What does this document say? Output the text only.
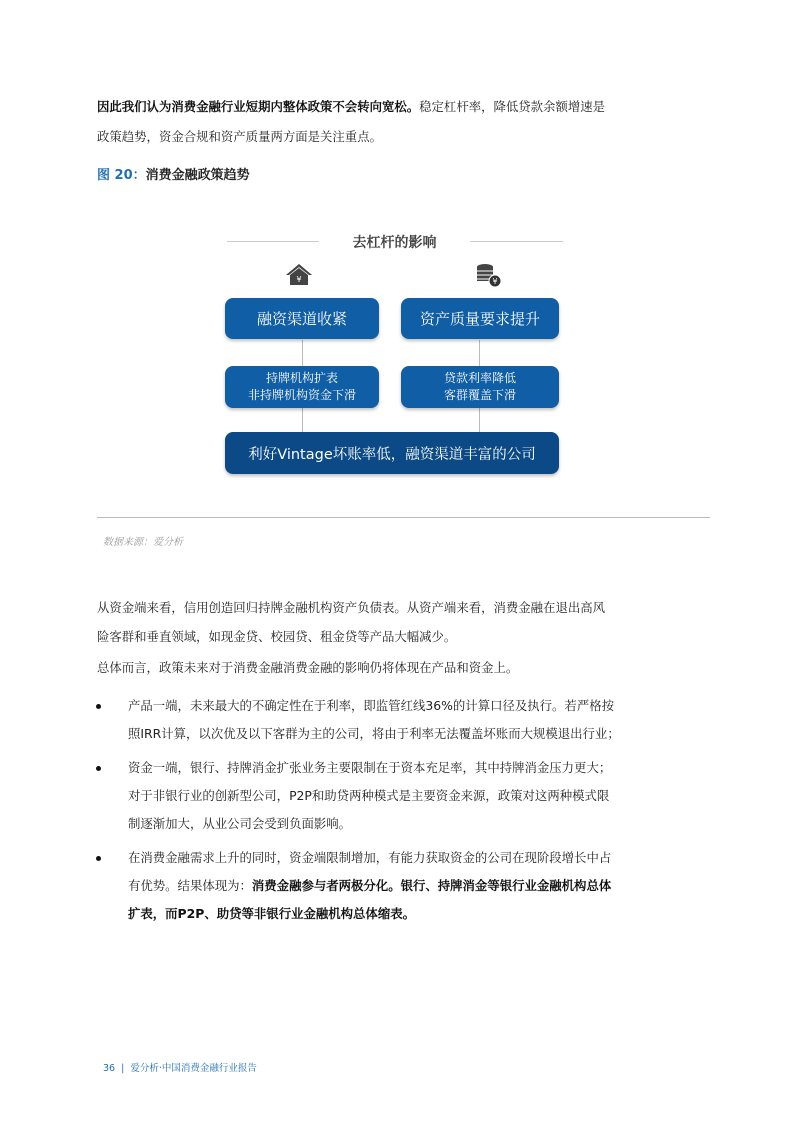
因此我们认为消费金融行业短期内整体政策不会转向宽松。稳定杠杆率，降低贷款余额增速是
政策趋势，资金合规和资产质量两方面是关注重点。
图 20：消费金融政策趋势
去杠杆的影响
¥	¥
融资渠道收紧	资产质量要求提升
持牌机构扩表
非持牌机构资金下滑
贷款利率降低
客群覆盖下滑
利好Vintage坏账率低，融资渠道丰富的公司
数据来源：爱分析
从资金端来看，信用创造回归持牌金融机构资产负债表。从资产端来看，消费金融在退出高风
险客群和垂直领域，如现金贷、校园贷、租金贷等产品大幅减少。
总体而言，政策未来对于消费金融消费金融的影响仍将体现在产品和资金上。
产品一端，未来最大的不确定性在于利率，即监管红线36%的计算口径及执行。若严格按
照IRR计算，以次优及以下客群为主的公司，将由于利率无法覆盖坏账而大规模退出行业；
资金一端，银行、持牌消金扩张业务主要限制在于资本充足率，其中持牌消金压力更大；
对于非银行业的创新型公司，P2P和助贷两种模式是主要资金来源，政策对这两种模式限
制逐渐加大，从业公司会受到负面影响。
在消费金融需求上升的同时，资金端限制增加，有能力获取资金的公司在现阶段增长中占
有优势。结果体现为：消费金融参与者两极分化。银行、持牌消金等银行业金融机构总体
扩表，而P2P、助贷等非银行业金融机构总体缩表。
36 | 爱分析·中国消费金融行业报告
